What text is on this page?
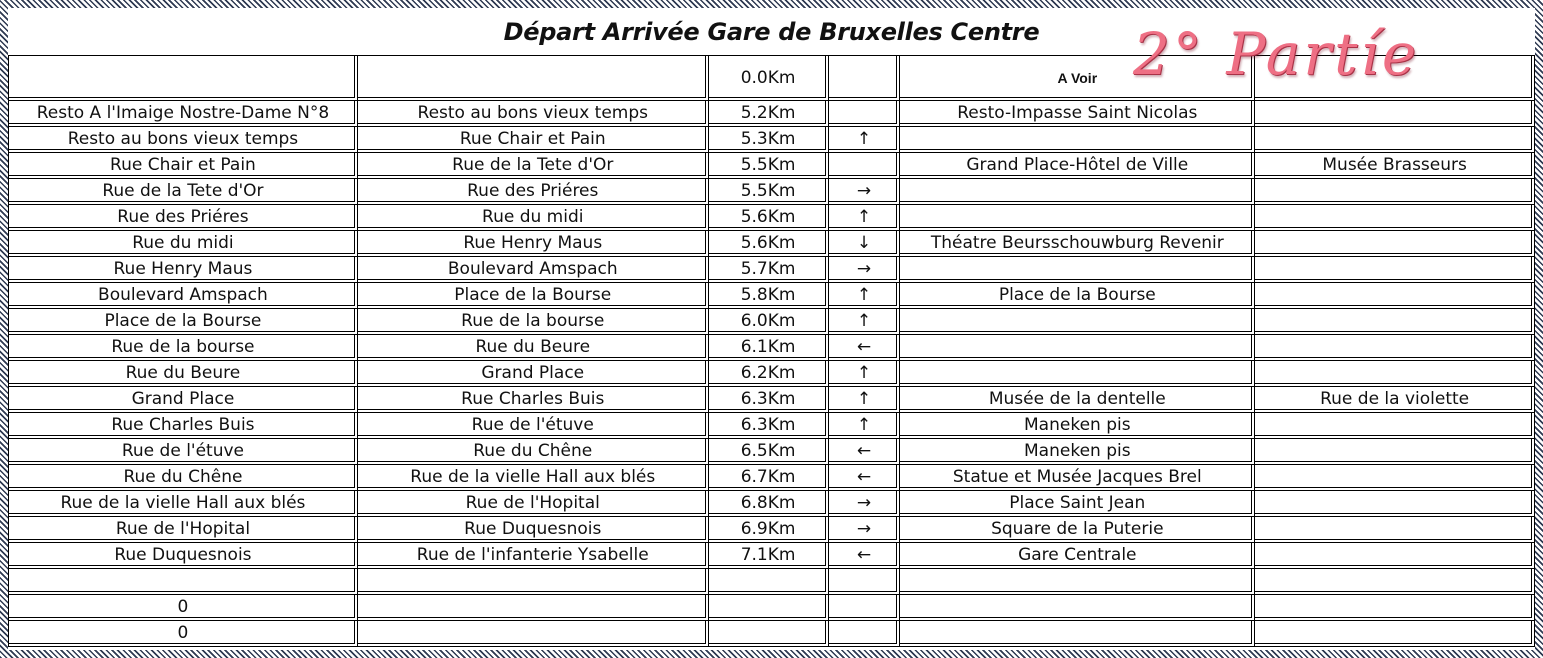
Départ Arrivée Gare de Bruxelles Centre	2° Partíe
		0.0Km		A Voir	
Resto A l'Imaige Nostre-Dame N°8	Resto au bons vieux temps	5.2Km		Resto-Impasse Saint Nicolas	
Resto au bons vieux temps	Rue Chair et Pain	5.3Km	↑		
Rue Chair et Pain	Rue de la Tete d'Or	5.5Km		Grand Place-Hôtel de Ville	Musée Brasseurs
Rue de la Tete d'Or	Rue des Priéres	5.5Km	→		
Rue des Priéres	Rue du midi	5.6Km	↑		
Rue du midi	Rue Henry Maus	5.6Km	↓	Théatre Beursschouwburg Revenir	
Rue Henry Maus	Boulevard Amspach	5.7Km	→		
Boulevard Amspach	Place de la Bourse	5.8Km	↑	Place de la Bourse	
Place de la Bourse	Rue de la bourse	6.0Km	↑		
Rue de la bourse	Rue du Beure	6.1Km	←		
Rue du Beure	Grand Place	6.2Km	↑		
Grand Place	Rue Charles Buis	6.3Km	↑	Musée de la dentelle	Rue de la violette
Rue Charles Buis	Rue de l'étuve	6.3Km	↑	Maneken pis	
Rue de l'étuve	Rue du Chêne	6.5Km	←	Maneken pis	
Rue du Chêne	Rue de la vielle Hall aux blés	6.7Km	←	Statue et Musée Jacques Brel	
Rue de la vielle Hall aux blés	Rue de l'Hopital	6.8Km	→	Place Saint Jean	
Rue de l'Hopital	Rue Duquesnois	6.9Km	→	Square de la Puterie	
Rue Duquesnois	Rue de l'infanterie Ysabelle	7.1Km	←	Gare Centrale	

0					
0					
